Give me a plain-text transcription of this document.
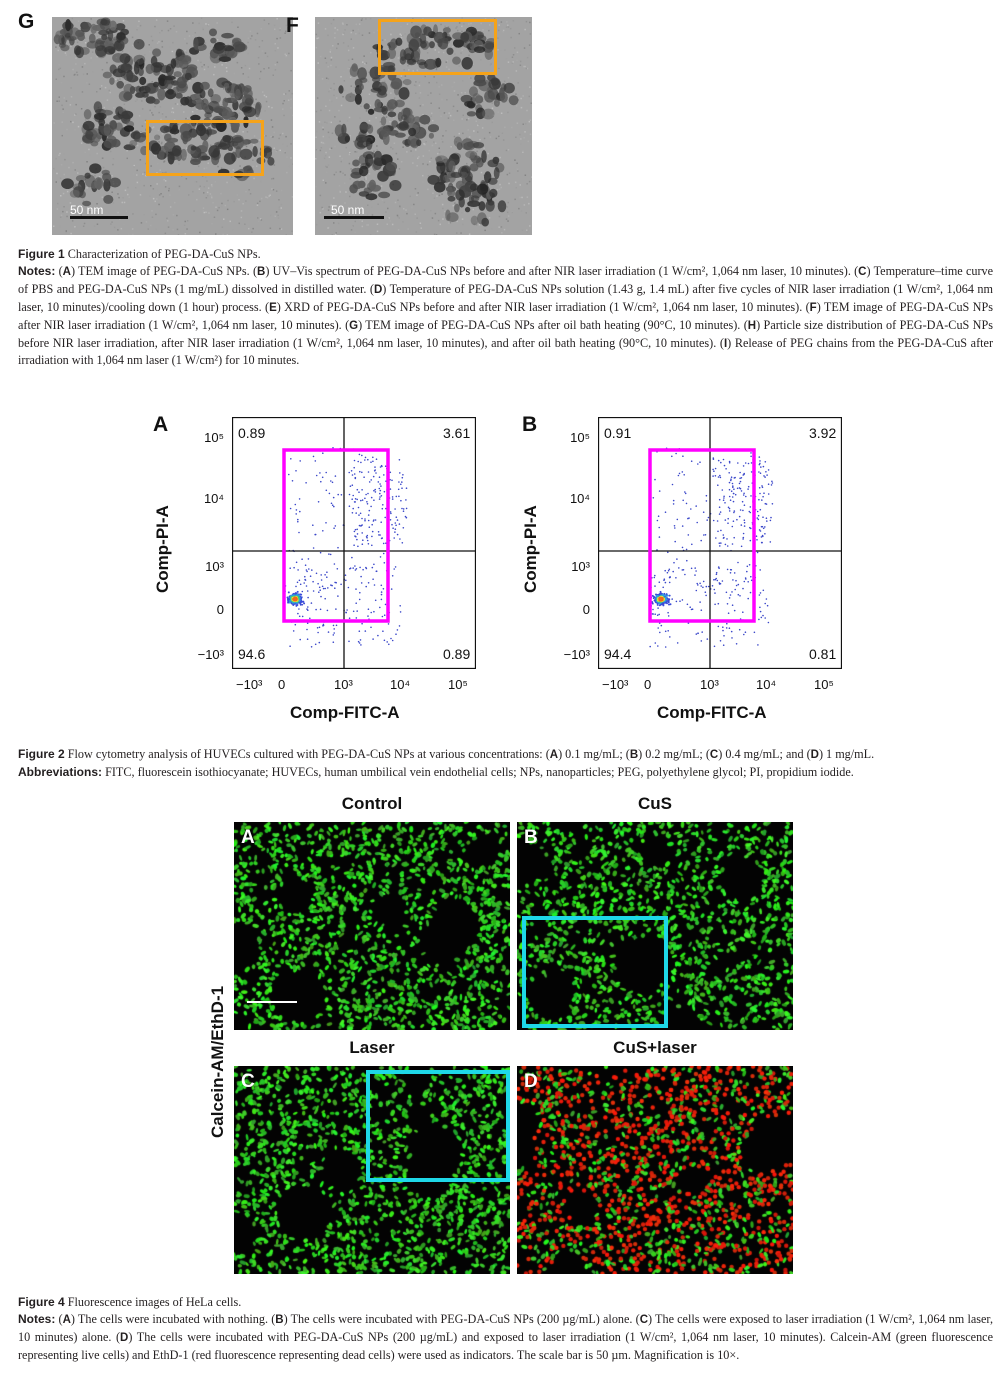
G
50 nm
F
50 nm
Figure 1 Characterization of PEG-DA-CuS NPs.
Notes: (A) TEM image of PEG-DA-CuS NPs. (B) UV–Vis spectrum of PEG-DA-CuS NPs before and after NIR laser irradiation (1 W/cm², 1,064 nm laser, 10 minutes). (C) Temperature–time curve of PBS and PEG-DA-CuS NPs (1 mg/mL) dissolved in distilled water. (D) Temperature of PEG-DA-CuS NPs solution (1.43 g, 1.4 mL) after five cycles of NIR laser irradiation (1 W/cm², 1,064 nm laser, 10 minutes)/cooling down (1 hour) process. (E) XRD of PEG-DA-CuS NPs before and after NIR laser irradiation (1 W/cm², 1,064 nm laser, 10 minutes). (F) TEM image of PEG-DA-CuS NPs after NIR laser irradiation (1 W/cm², 1,064 nm laser, 10 minutes). (G) TEM image of PEG-DA-CuS NPs after oil bath heating (90°C, 10 minutes). (H) Particle size distribution of PEG-DA-CuS NPs before NIR laser irradiation, after NIR laser irradiation (1 W/cm², 1,064 nm laser, 10 minutes), and after oil bath heating (90°C, 10 minutes). (I) Release of PEG chains from the PEG-DA-CuS after irradiation with 1,064 nm laser (1 W/cm²) for 10 minutes.
A
Comp-PI-A
Comp-FITC-A
0.89	3.61
94.6	0.89
−10³ 0	10³	10⁴	10⁵
10⁵
10⁴
10³
0
−10³
B
Comp-PI-A
Comp-FITC-A
0.91	3.92
94.4	0.81
−10³ 0	10³	10⁴	10⁵
10⁵
10⁴
10³
0
−10³
Figure 2 Flow cytometry analysis of HUVECs cultured with PEG-DA-CuS NPs at various concentrations: (A) 0.1 mg/mL; (B) 0.2 mg/mL; (C) 0.4 mg/mL; and (D) 1 mg/mL.
Abbreviations: FITC, fluorescein isothiocyanate; HUVECs, human umbilical vein endothelial cells; NPs, nanoparticles; PEG, polyethylene glycol; PI, propidium iodide.
Calcein-AM/EthD-1
Control	CuS
Laser	CuS+laser
A	B
C	D
Figure 4 Fluorescence images of HeLa cells.
Notes: (A) The cells were incubated with nothing. (B) The cells were incubated with PEG-DA-CuS NPs (200 µg/mL) alone. (C) The cells were exposed to laser irradiation (1 W/cm², 1,064 nm laser, 10 minutes) alone. (D) The cells were incubated with PEG-DA-CuS NPs (200 µg/mL) and exposed to laser irradiation (1 W/cm², 1,064 nm laser, 10 minutes). Calcein-AM (green fluorescence representing live cells) and EthD-1 (red fluorescence representing dead cells) were used as indicators. The scale bar is 50 µm. Magnification is 10×.
